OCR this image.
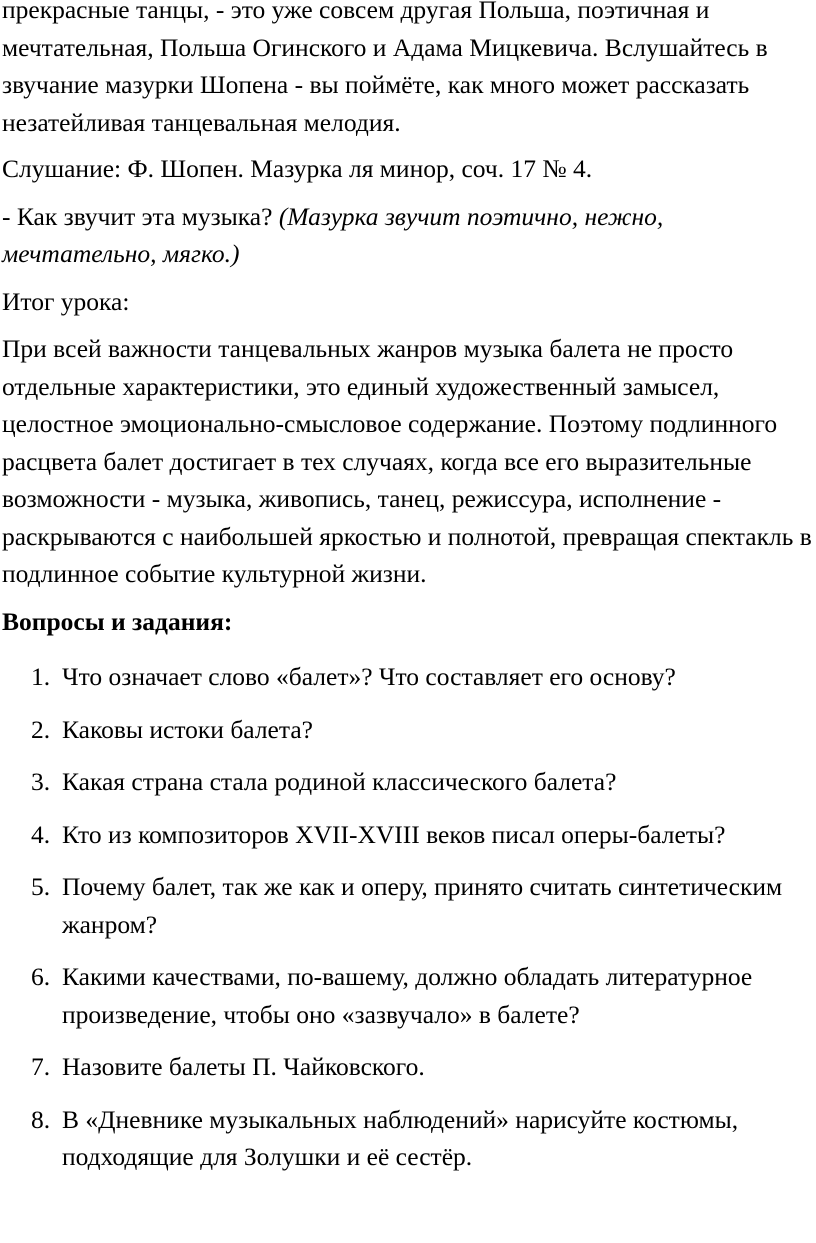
прекрасные танцы, - это уже совсем другая Польша, поэтичная и мечтательная, Польша Огинского и Адама Мицкевича. Вслушайтесь в звучание мазурки Шопена - вы поймёте, как много может рассказать незатейливая танцевальная мелодия.

Слушание: Ф. Шопен. Мазурка ля минор, соч. 17 № 4.

- Как звучит эта музыка? (Мазурка звучит поэтично, нежно, мечтательно, мягко.)

Итог урока:

При всей важности танцевальных жанров музыка балета не просто отдельные характеристики, это единый художественный замысел, целостное эмоционально-смысловое содержание. Поэтому подлинного расцвета балет достигает в тех случаях, когда все его выразительные возможности - музыка, живопись, танец, режиссура, исполнение - раскрываются с наибольшей яркостью и полнотой, превращая спектакль в подлинное событие культурной жизни.

Вопросы и задания:

1. Что означает слово «балет»? Что составляет его основу?
2. Каковы истоки балета?
3. Какая страна стала родиной классического балета?
4. Кто из композиторов XVII-XVIII веков писал оперы-балеты?
5. Почему балет, так же как и оперу, принято считать синтетическим жанром?
6. Какими качествами, по-вашему, должно обладать литературное произведение, чтобы оно «зазвучало» в балете?
7. Назовите балеты П. Чайковского.
8. В «Дневнике музыкальных наблюдений» нарисуйте костюмы, подходящие для Золушки и её сестёр.
